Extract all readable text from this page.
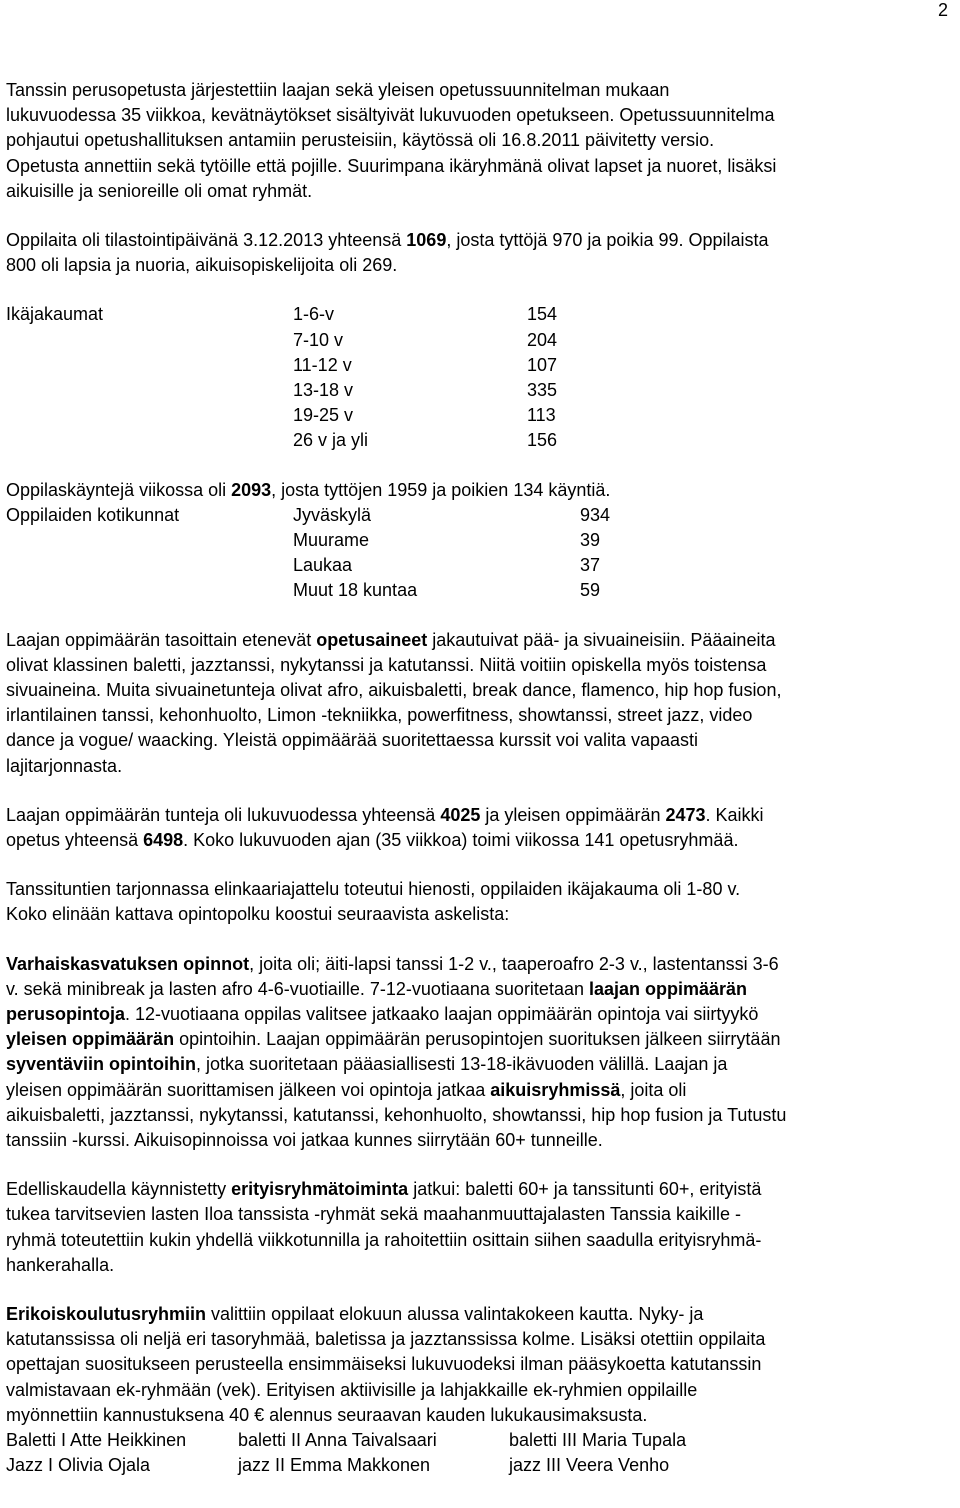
2

Tanssin perusopetusta järjestettiin laajan sekä yleisen opetussuunnitelman mukaan

lukuvuodessa 35 viikkoa, kevätnäytökset sisältyivät lukuvuoden opetukseen. Opetussuunnitelma

pohjautui opetushallituksen antamiin perusteisiin, käytössä oli 16.8.2011 päivitetty versio.

Opetusta annettiin sekä tytöille että pojille. Suurimpana ikäryhmänä olivat lapset ja nuoret, lisäksi

aikuisille ja senioreille oli omat ryhmät.

Oppilaita oli tilastointipäivänä 3.12.2013 yhteensä 1069, josta tyttöjä 970 ja poikia 99. Oppilaista

800 oli lapsia ja nuoria, aikuisopiskelijoita oli 269.

Ikäjakaumat	1-6-v	154
7-10 v	204
11-12 v	107
13-18 v	335
19-25 v	113
26 v ja yli	156

Oppilaskäyntejä viikossa oli 2093, josta tyttöjen 1959 ja poikien 134 käyntiä.

Oppilaiden kotikunnat	Jyväskylä	934
Muurame	39
Laukaa	37
Muut 18 kuntaa	59

Laajan oppimäärän tasoittain etenevät opetusaineet jakautuivat pää- ja sivuaineisiin. Pääaineita

olivat klassinen baletti, jazztanssi, nykytanssi ja katutanssi. Niitä voitiin opiskella myös toistensa

sivuaineina. Muita sivuainetunteja olivat afro, aikuisbaletti, break dance, flamenco, hip hop fusion,

irlantilainen tanssi, kehonhuolto, Limon -tekniikka, powerfitness, showtanssi, street jazz, video

dance ja vogue/ waacking. Yleistä oppimäärää suoritettaessa kurssit voi valita vapaasti

lajitarjonnasta.

Laajan oppimäärän tunteja oli lukuvuodessa yhteensä 4025 ja yleisen oppimäärän 2473. Kaikki

opetus yhteensä 6498. Koko lukuvuoden ajan (35 viikkoa) toimi viikossa 141 opetusryhmää.

Tanssituntien tarjonnassa elinkaariajattelu toteutui hienosti, oppilaiden ikäjakauma oli 1-80 v.

Koko elinään kattava opintopolku koostui seuraavista askelista:

Varhaiskasvatuksen opinnot, joita oli; äiti-lapsi tanssi 1-2 v., taaperoafro 2-3 v., lastentanssi 3-6

v. sekä minibreak ja lasten afro 4-6-vuotiaille. 7-12-vuotiaana suoritetaan laajan oppimäärän

perusopintoja. 12-vuotiaana oppilas valitsee jatkaako laajan oppimäärän opintoja vai siirtyykö

yleisen oppimäärän opintoihin. Laajan oppimäärän perusopintojen suorituksen jälkeen siirrytään

syventäviin opintoihin, jotka suoritetaan pääasiallisesti 13-18-ikävuoden välillä. Laajan ja

yleisen oppimäärän suorittamisen jälkeen voi opintoja jatkaa aikuisryhmissä, joita oli

aikuisbaletti, jazztanssi, nykytanssi, katutanssi, kehonhuolto, showtanssi, hip hop fusion ja Tutustu

tanssiin -kurssi. Aikuisopinnoissa voi jatkaa kunnes siirrytään 60+ tunneille.

Edelliskaudella käynnistetty erityisryhmätoiminta jatkui: baletti 60+ ja tanssitunti 60+, erityistä

tukea tarvitsevien lasten Iloa tanssista -ryhmät sekä maahanmuuttajalasten Tanssia kaikille -

ryhmä toteutettiin kukin yhdellä viikkotunnilla ja rahoitettiin osittain siihen saadulla erityisryhmä-

hankerahalla.

Erikoiskoulutusryhmiin valittiin oppilaat elokuun alussa valintakokeen kautta. Nyky- ja

katutanssissa oli neljä eri tasoryhmää, baletissa ja jazztanssissa kolme. Lisäksi otettiin oppilaita

opettajan suositukseen perusteella ensimmäiseksi lukuvuodeksi ilman pääsykoetta katutanssin

valmistavaan ek-ryhmään (vek). Erityisen aktiivisille ja lahjakkaille ek-ryhmien oppilaille

myönnettiin kannustuksena 40 € alennus seuraavan kauden lukukausimaksusta.

Baletti I Atte Heikkinen	baletti II Anna Taivalsaari	baletti III Maria Tupala
Jazz I Olivia Ojala	jazz II Emma Makkonen	jazz III Veera Venho
